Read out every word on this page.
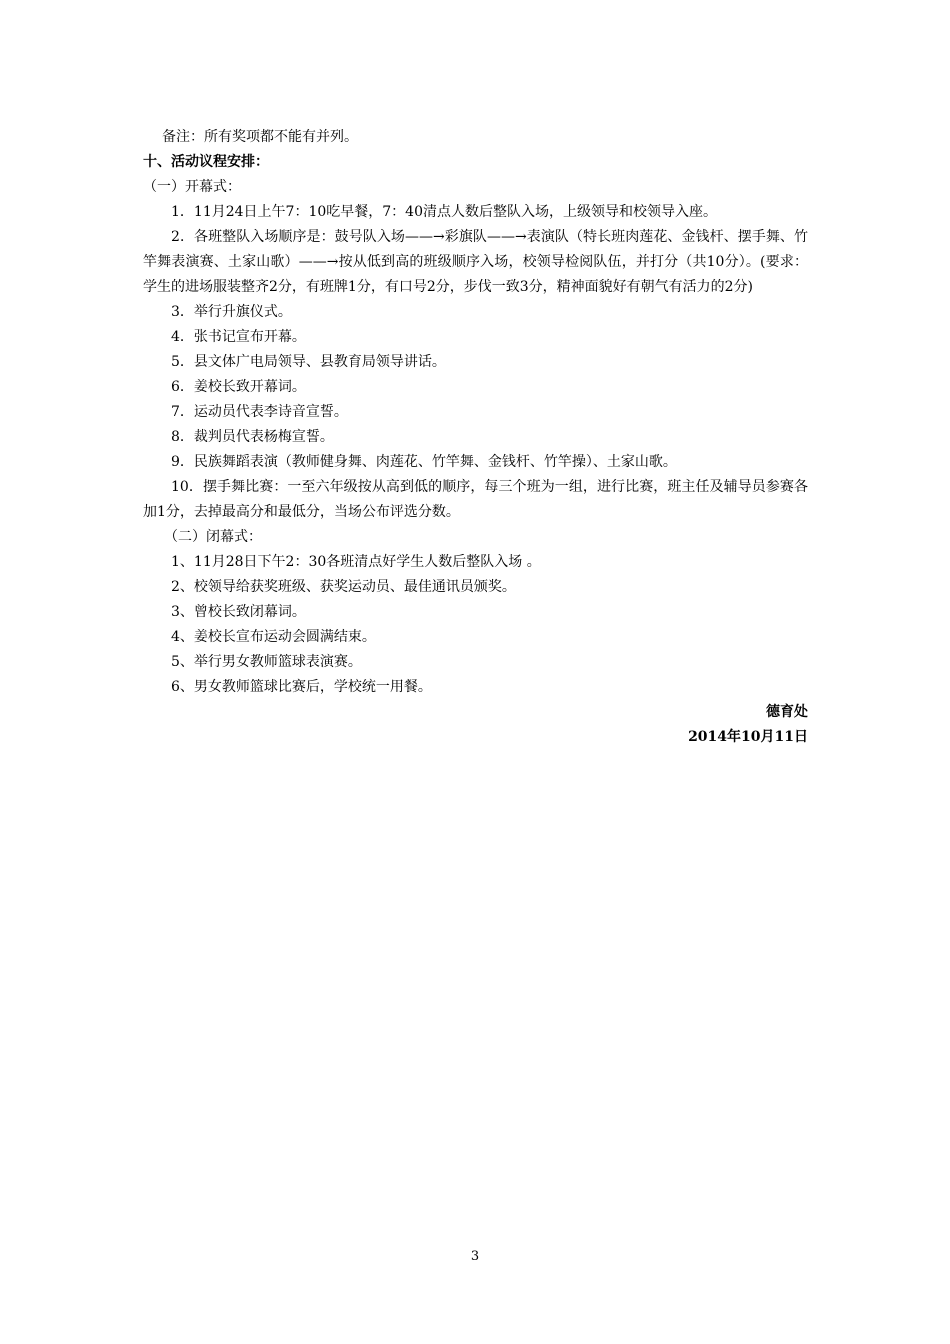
备注：所有奖项都不能有并列。

十、活动议程安排：

（一）开幕式：

1．11月24日上午7：10吃早餐，7：40清点人数后整队入场，上级领导和校领导入座。

2．各班整队入场顺序是：鼓号队入场——→彩旗队——→表演队（特长班肉莲花、金钱杆、摆手舞、竹竿舞表演赛、土家山歌）——→按从低到高的班级顺序入场，校领导检阅队伍，并打分（共10分）。(要求：学生的进场服装整齐2分，有班牌1分，有口号2分，步伐一致3分，精神面貌好有朝气有活力的2分)

3．举行升旗仪式。

4．张书记宣布开幕。

5．县文体广电局领导、县教育局领导讲话。

6．姜校长致开幕词。

7．运动员代表李诗音宣誓。

8．裁判员代表杨梅宣誓。

9．民族舞蹈表演（教师健身舞、肉莲花、竹竿舞、金钱杆、竹竿操）、土家山歌。

10．摆手舞比赛：一至六年级按从高到低的顺序，每三个班为一组，进行比赛，班主任及辅导员参赛各加1分，去掉最高分和最低分，当场公布评选分数。

（二）闭幕式：

1、11月28日下午2：30各班清点好学生人数后整队入场 。

2、校领导给获奖班级、获奖运动员、最佳通讯员颁奖。

3、曾校长致闭幕词。

4、姜校长宣布运动会圆满结束。

5、举行男女教师篮球表演赛。

6、男女教师篮球比赛后，学校统一用餐。

德育处

2014年10月11日

3
